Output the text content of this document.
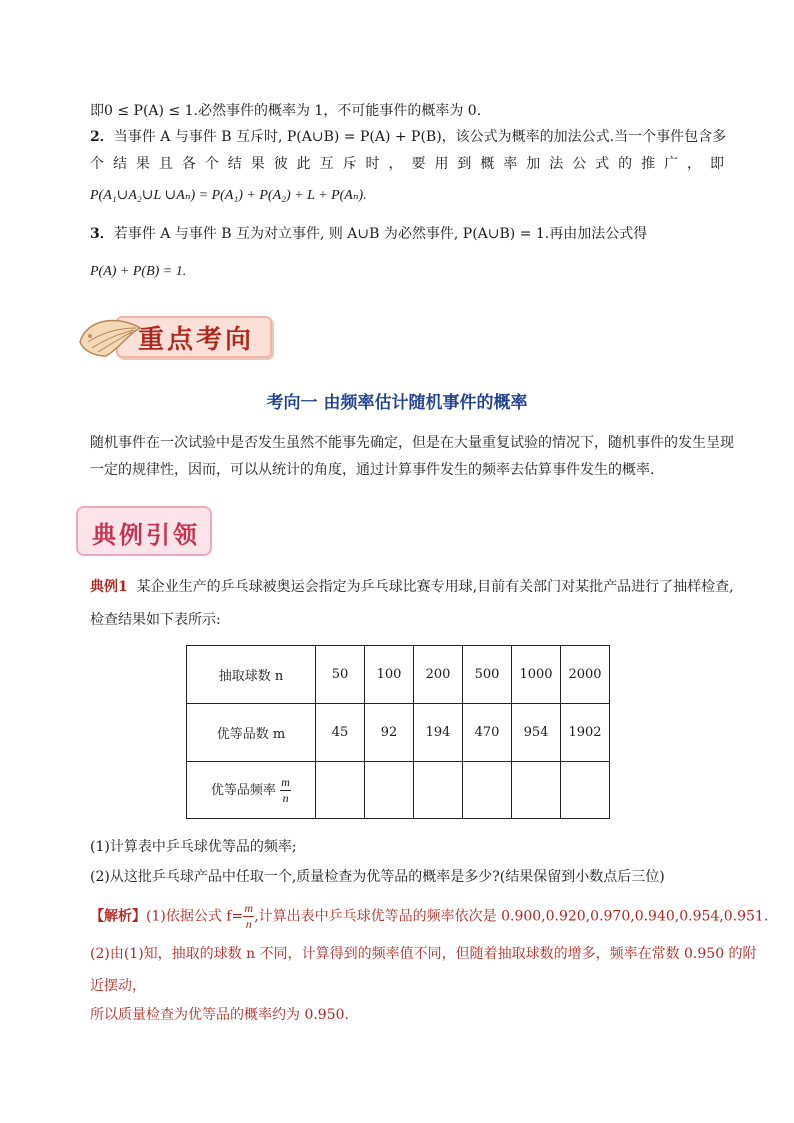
即0 ≤ P(A) ≤ 1.必然事件的概率为 1，不可能事件的概率为 0.
2．当事件 A 与事件 B 互斥时, P(A∪B) = P(A) + P(B)，该公式为概率的加法公式.当一个事件包含多
个 结 果 且 各 个 结 果 彼 此 互 斥 时 ， 要 用 到 概 率 加 法 公 式 的 推 广 ， 即
P(A₁∪A₂∪L ∪Aₙ) = P(A₁) + P(A₂) + L + P(Aₙ).
3．若事件 A 与事件 B 互为对立事件, 则 A∪B 为必然事件, P(A∪B) = 1.再由加法公式得
P(A) + P(B) = 1.
重点考向
考向一 由频率估计随机事件的概率
随机事件在一次试验中是否发生虽然不能事先确定，但是在大量重复试验的情况下，随机事件的发生呈现
一定的规律性，因而，可以从统计的角度，通过计算事件发生的频率去估算事件发生的概率.
典例引领
典例1 某企业生产的乒乓球被奥运会指定为乒乓球比赛专用球,目前有关部门对某批产品进行了抽样检查,
检查结果如下表所示:
抽取球数 n	50	100	200	500	1000	2000
优等品数 m	45	92	194	470	954	1902
优等品频率 $\frac{m}{n}$

(1)计算表中乒乓球优等品的频率;
(2)从这批乒乓球产品中任取一个,质量检查为优等品的概率是多少?(结果保留到小数点后三位)
【解析】(1)依据公式 $f= \frac{m}{n}$ ,计算出表中乒乓球优等品的频率依次是 0.900,0.920,0.970,0.940,0.954,0.951.
(2)由(1)知，抽取的球数 n 不同，计算得到的频率值不同，但随着抽取球数的增多，频率在常数 0.950 的附
近摆动，
所以质量检查为优等品的概率约为 0.950.
